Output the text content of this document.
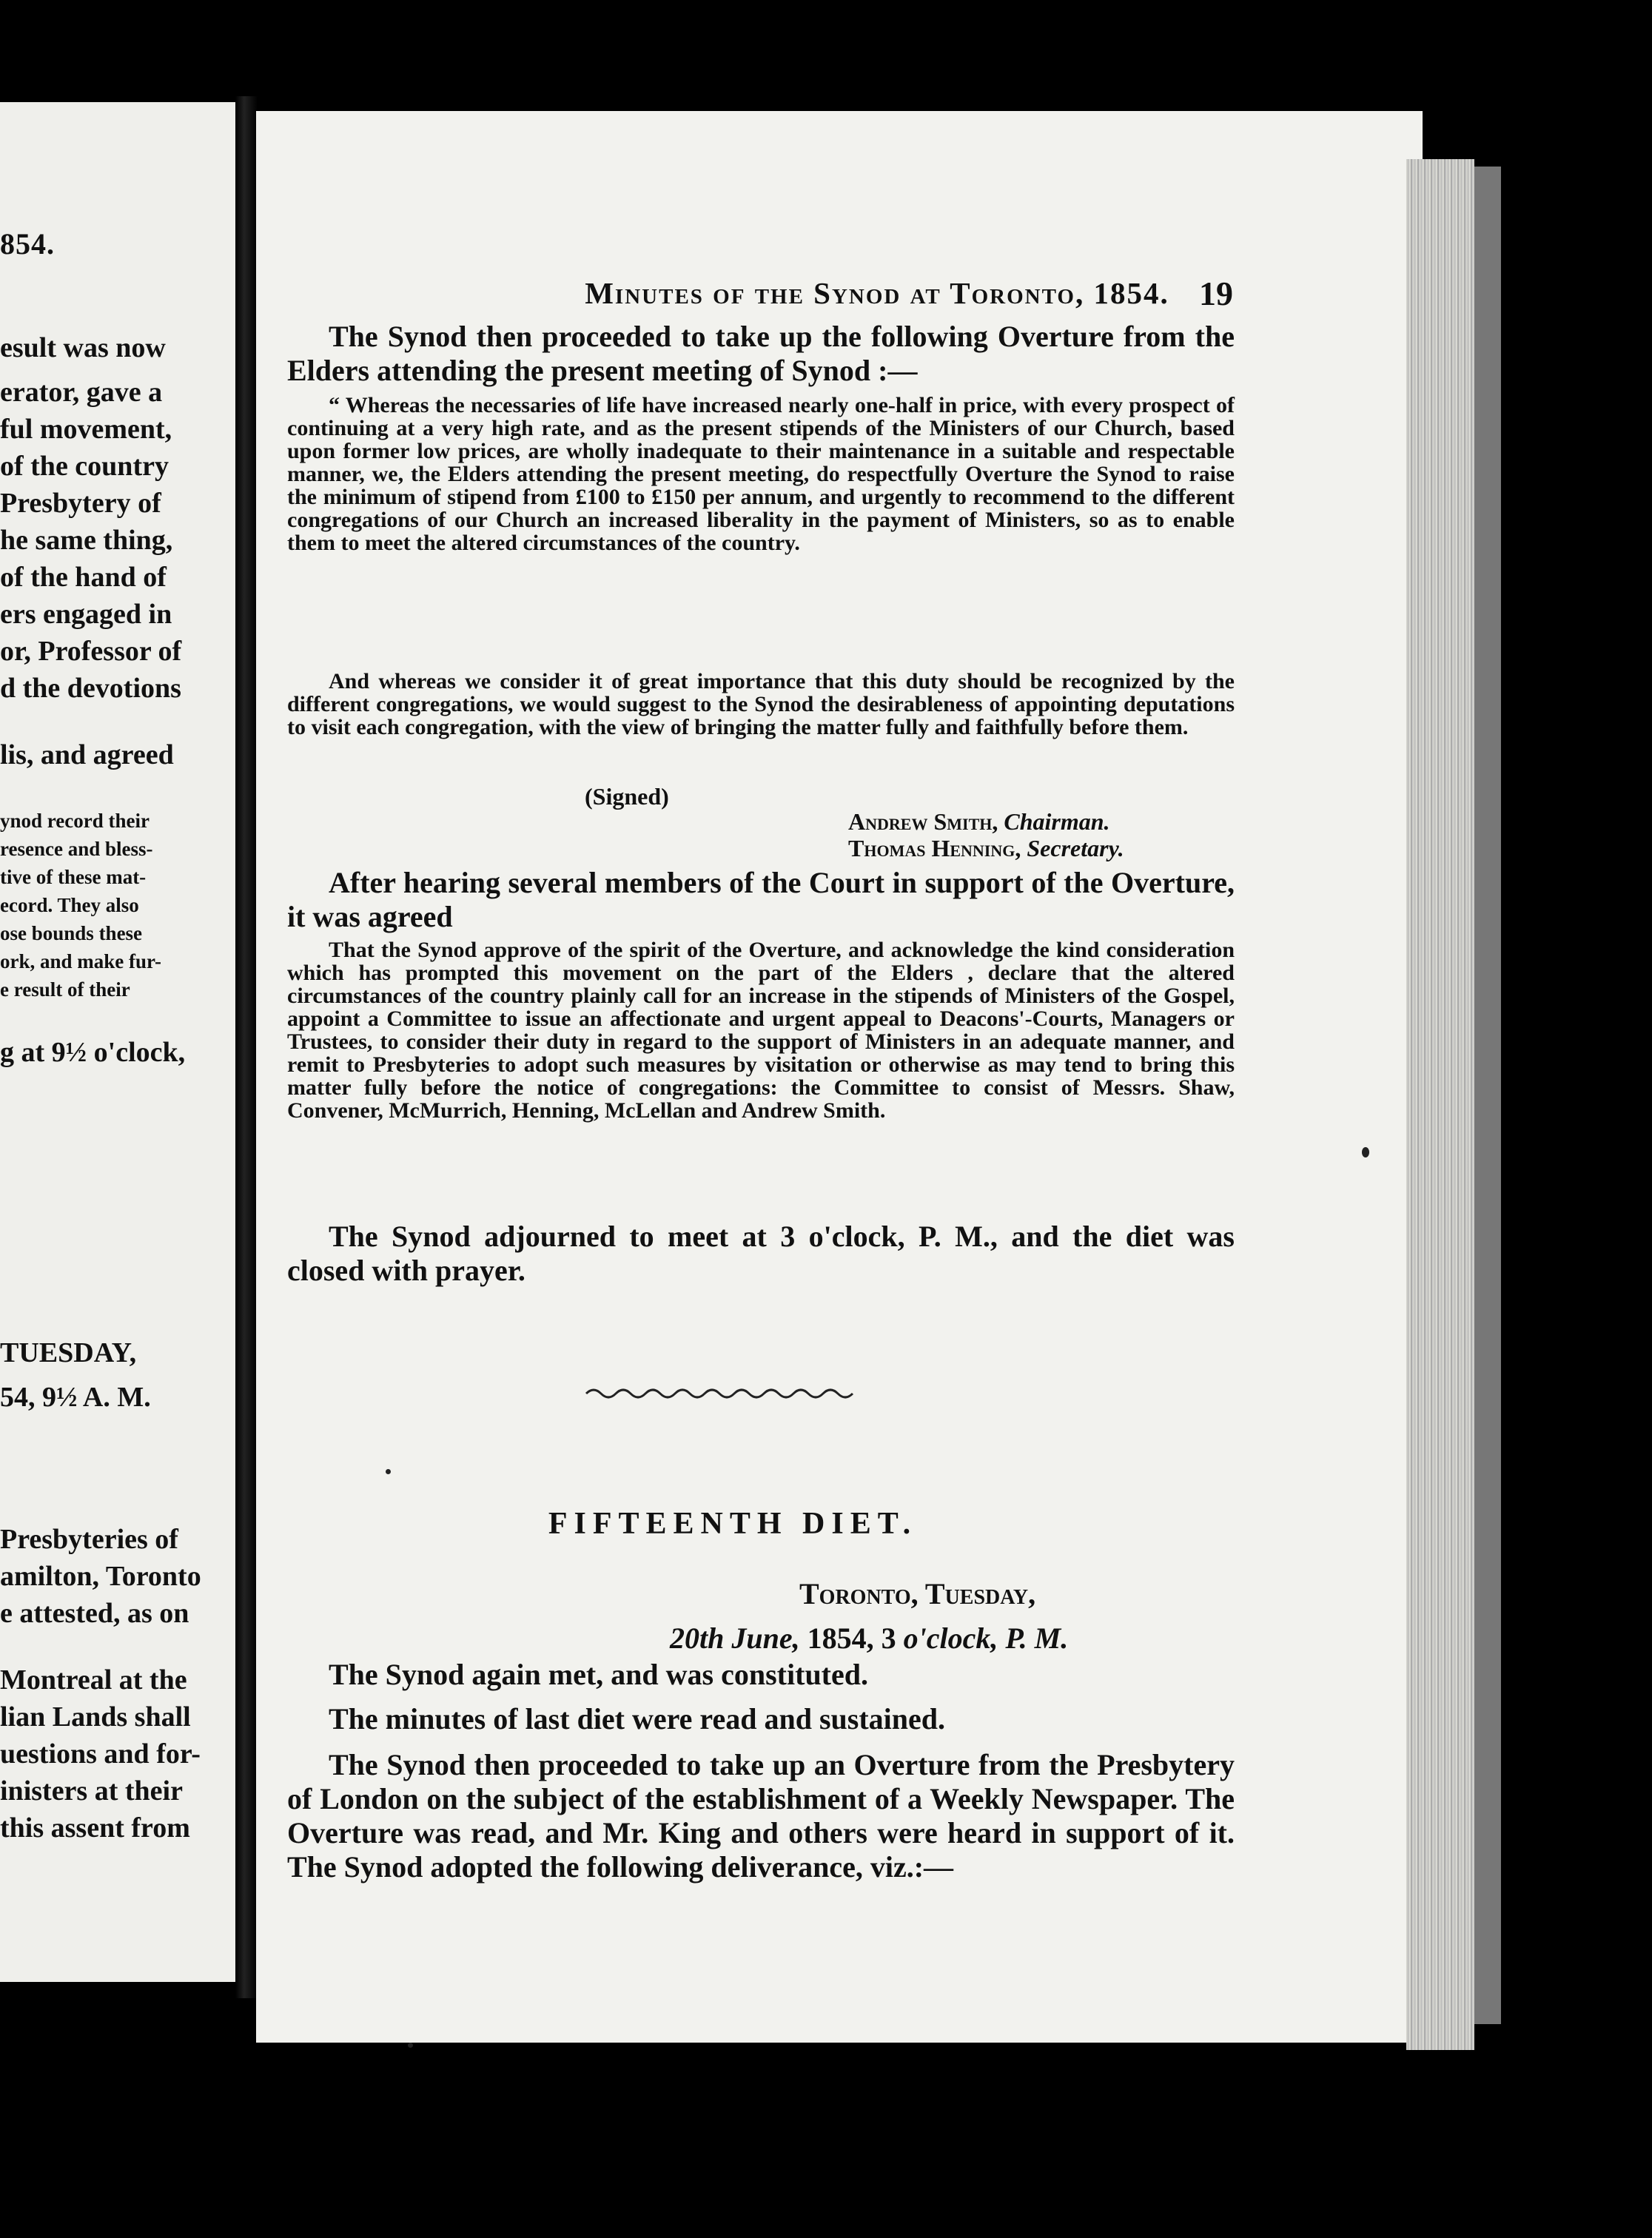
854.
esult was now
erator, gave a
ful movement,
of the country
Presbytery of
he same thing,
of the hand of
ers engaged in
or, Professor of
d the devotions
lis, and agreed
ynod record their
resence and bless-
tive of these mat-
ecord. They also
ose bounds these
ork, and make fur-
e result of their
g at 9½ o'clock,
TUESDAY,
54, 9½ A. M.
Presbyteries of
amilton, Toronto
e attested, as on
Montreal at the
lian Lands shall
uestions and for-
inisters at their
this assent from
Minutes of the Synod at Toronto, 1854. 19
The Synod then proceeded to take up the following Overture from the Elders attending the present meeting of Synod :—
“ Whereas the necessaries of life have increased nearly one-half in price, with every prospect of continuing at a very high rate, and as the present stipends of the Ministers of our Church, based upon former low prices, are wholly inadequate to their maintenance in a suitable and respectable manner, we, the Elders attending the present meeting, do respectfully Overture the Synod to raise the minimum of stipend from £100 to £150 per annum, and urgently to recommend to the different congregations of our Church an increased liberality in the payment of Ministers, so as to enable them to meet the altered circumstances of the country.
And whereas we consider it of great importance that this duty should be recognized by the different congregations, we would suggest to the Synod the desirableness of appointing deputations to visit each congregation, with the view of bringing the matter fully and faithfully before them.
(Signed)
Andrew Smith, Chairman.
Thomas Henning, Secretary.
After hearing several members of the Court in support of the Overture, it was agreed
That the Synod approve of the spirit of the Overture, and acknowledge the kind consideration which has prompted this movement on the part of the Elders , declare that the altered circumstances of the country plainly call for an increase in the stipends of Ministers of the Gospel, appoint a Committee to issue an affectionate and urgent appeal to Deacons'-Courts, Managers or Trustees, to consider their duty in regard to the support of Ministers in an adequate manner, and remit to Presbyteries to adopt such measures by visitation or otherwise as may tend to bring this matter fully before the notice of congregations: the Committee to consist of Messrs. Shaw, Convener, McMurrich, Henning, McLellan and Andrew Smith.
The Synod adjourned to meet at 3 o'clock, P. M., and the diet was closed with prayer.
FIFTEENTH DIET.
Toronto, Tuesday,
20th June, 1854, 3 o'clock, P. M.
The Synod again met, and was constituted.
The minutes of last diet were read and sustained.
The Synod then proceeded to take up an Overture from the Presbytery of London on the subject of the establishment of a Weekly Newspaper. The Overture was read, and Mr. King and others were heard in support of it. The Synod adopted the following deliverance, viz.:—
